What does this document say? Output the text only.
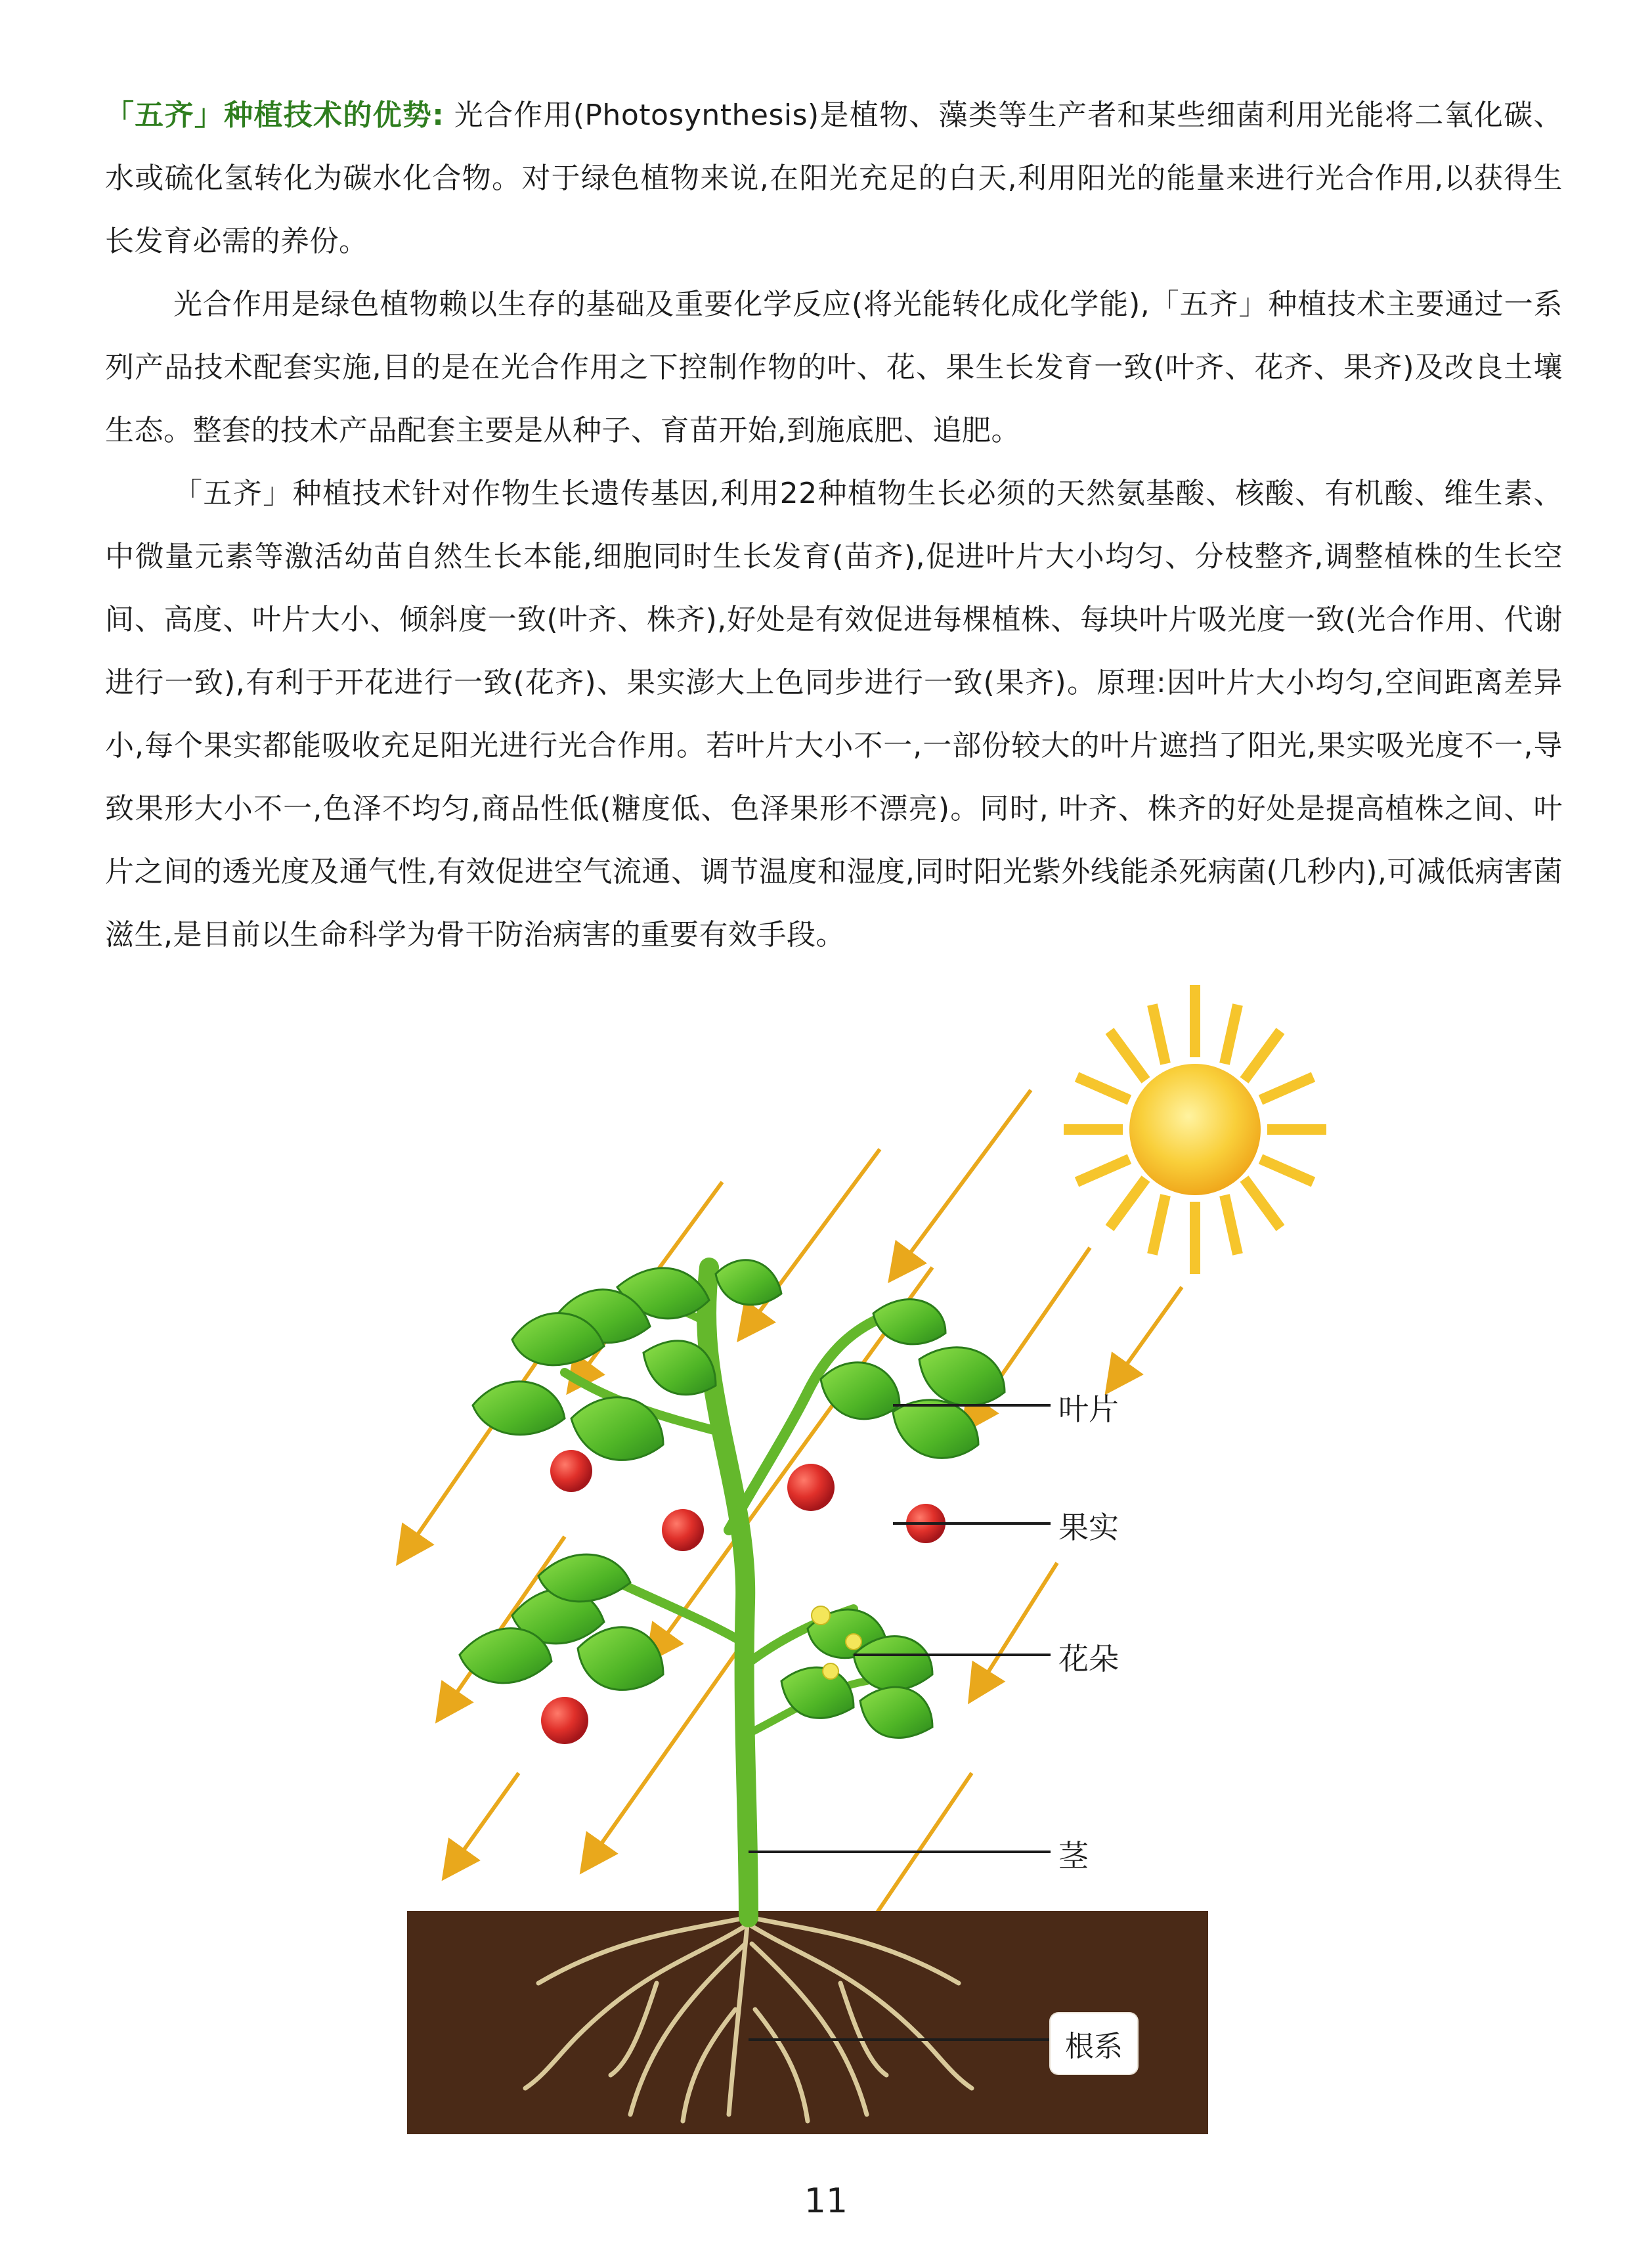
「五齐」种植技术的优势: 光合作用(Photosynthesis)是植物、藻类等生产者和某些细菌利用光能将二氧化碳、水或硫化氢转化为碳水化合物。对于绿色植物来说,在阳光充足的白天,利用阳光的能量来进行光合作用,以获得生长发育必需的养份。

光合作用是绿色植物赖以生存的基础及重要化学反应(将光能转化成化学能),「五齐」种植技术主要通过一系列产品技术配套实施,目的是在光合作用之下控制作物的叶、花、果生长发育一致(叶齐、花齐、果齐)及改良土壤生态。整套的技术产品配套主要是从种子、育苗开始,到施底肥、追肥。

「五齐」种植技术针对作物生长遗传基因,利用22种植物生长必须的天然氨基酸、核酸、有机酸、维生素、中微量元素等激活幼苗自然生长本能,细胞同时生长发育(苗齐),促进叶片大小均匀、分枝整齐,调整植株的生长空间、高度、叶片大小、倾斜度一致(叶齐、株齐),好处是有效促进每棵植株、每块叶片吸光度一致(光合作用、代谢进行一致),有利于开花进行一致(花齐)、果实澎大上色同步进行一致(果齐)。原理:因叶片大小均匀,空间距离差异小,每个果实都能吸收充足阳光进行光合作用。若叶片大小不一,一部份较大的叶片遮挡了阳光,果实吸光度不一,导致果形大小不一,色泽不均匀,商品性低(糖度低、色泽果形不漂亮)。同时, 叶齐、株齐的好处是提高植株之间、叶片之间的透光度及通气性,有效促进空气流通、调节温度和湿度,同时阳光紫外线能杀死病菌(几秒内),可减低病害菌滋生,是目前以生命科学为骨干防治病害的重要有效手段。

叶片
果实
花朵
茎
根系
11
